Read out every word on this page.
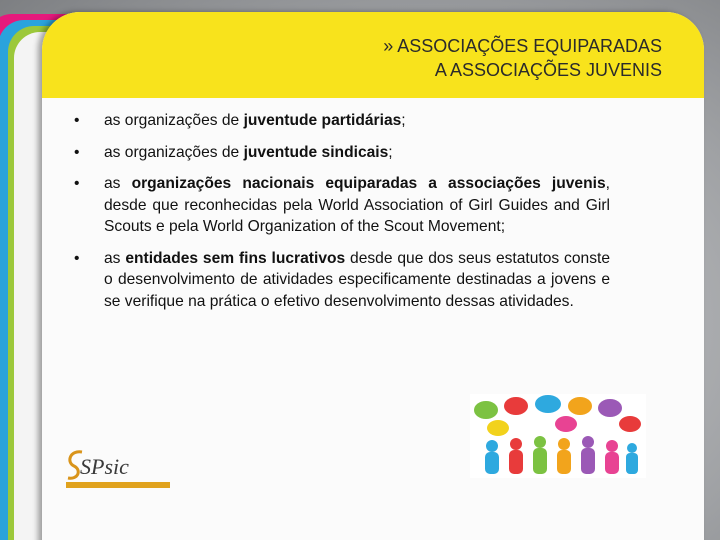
» ASSOCIAÇÕES EQUIPARADAS
A ASSOCIAÇÕES JUVENIS
• as organizações de juventude partidárias;
• as organizações de juventude sindicais;
• as organizações nacionais equiparadas a associações juvenis, desde que reconhecidas pela World Association of Girl Guides and Girl Scouts e pela World Organization of the Scout Movement;
• as entidades sem fins lucrativos desde que dos seus estatutos conste o desenvolvimento de atividades especificamente destinadas a jovens e se verifique na prática o efetivo desenvolvimento dessas atividades.
SPsic
